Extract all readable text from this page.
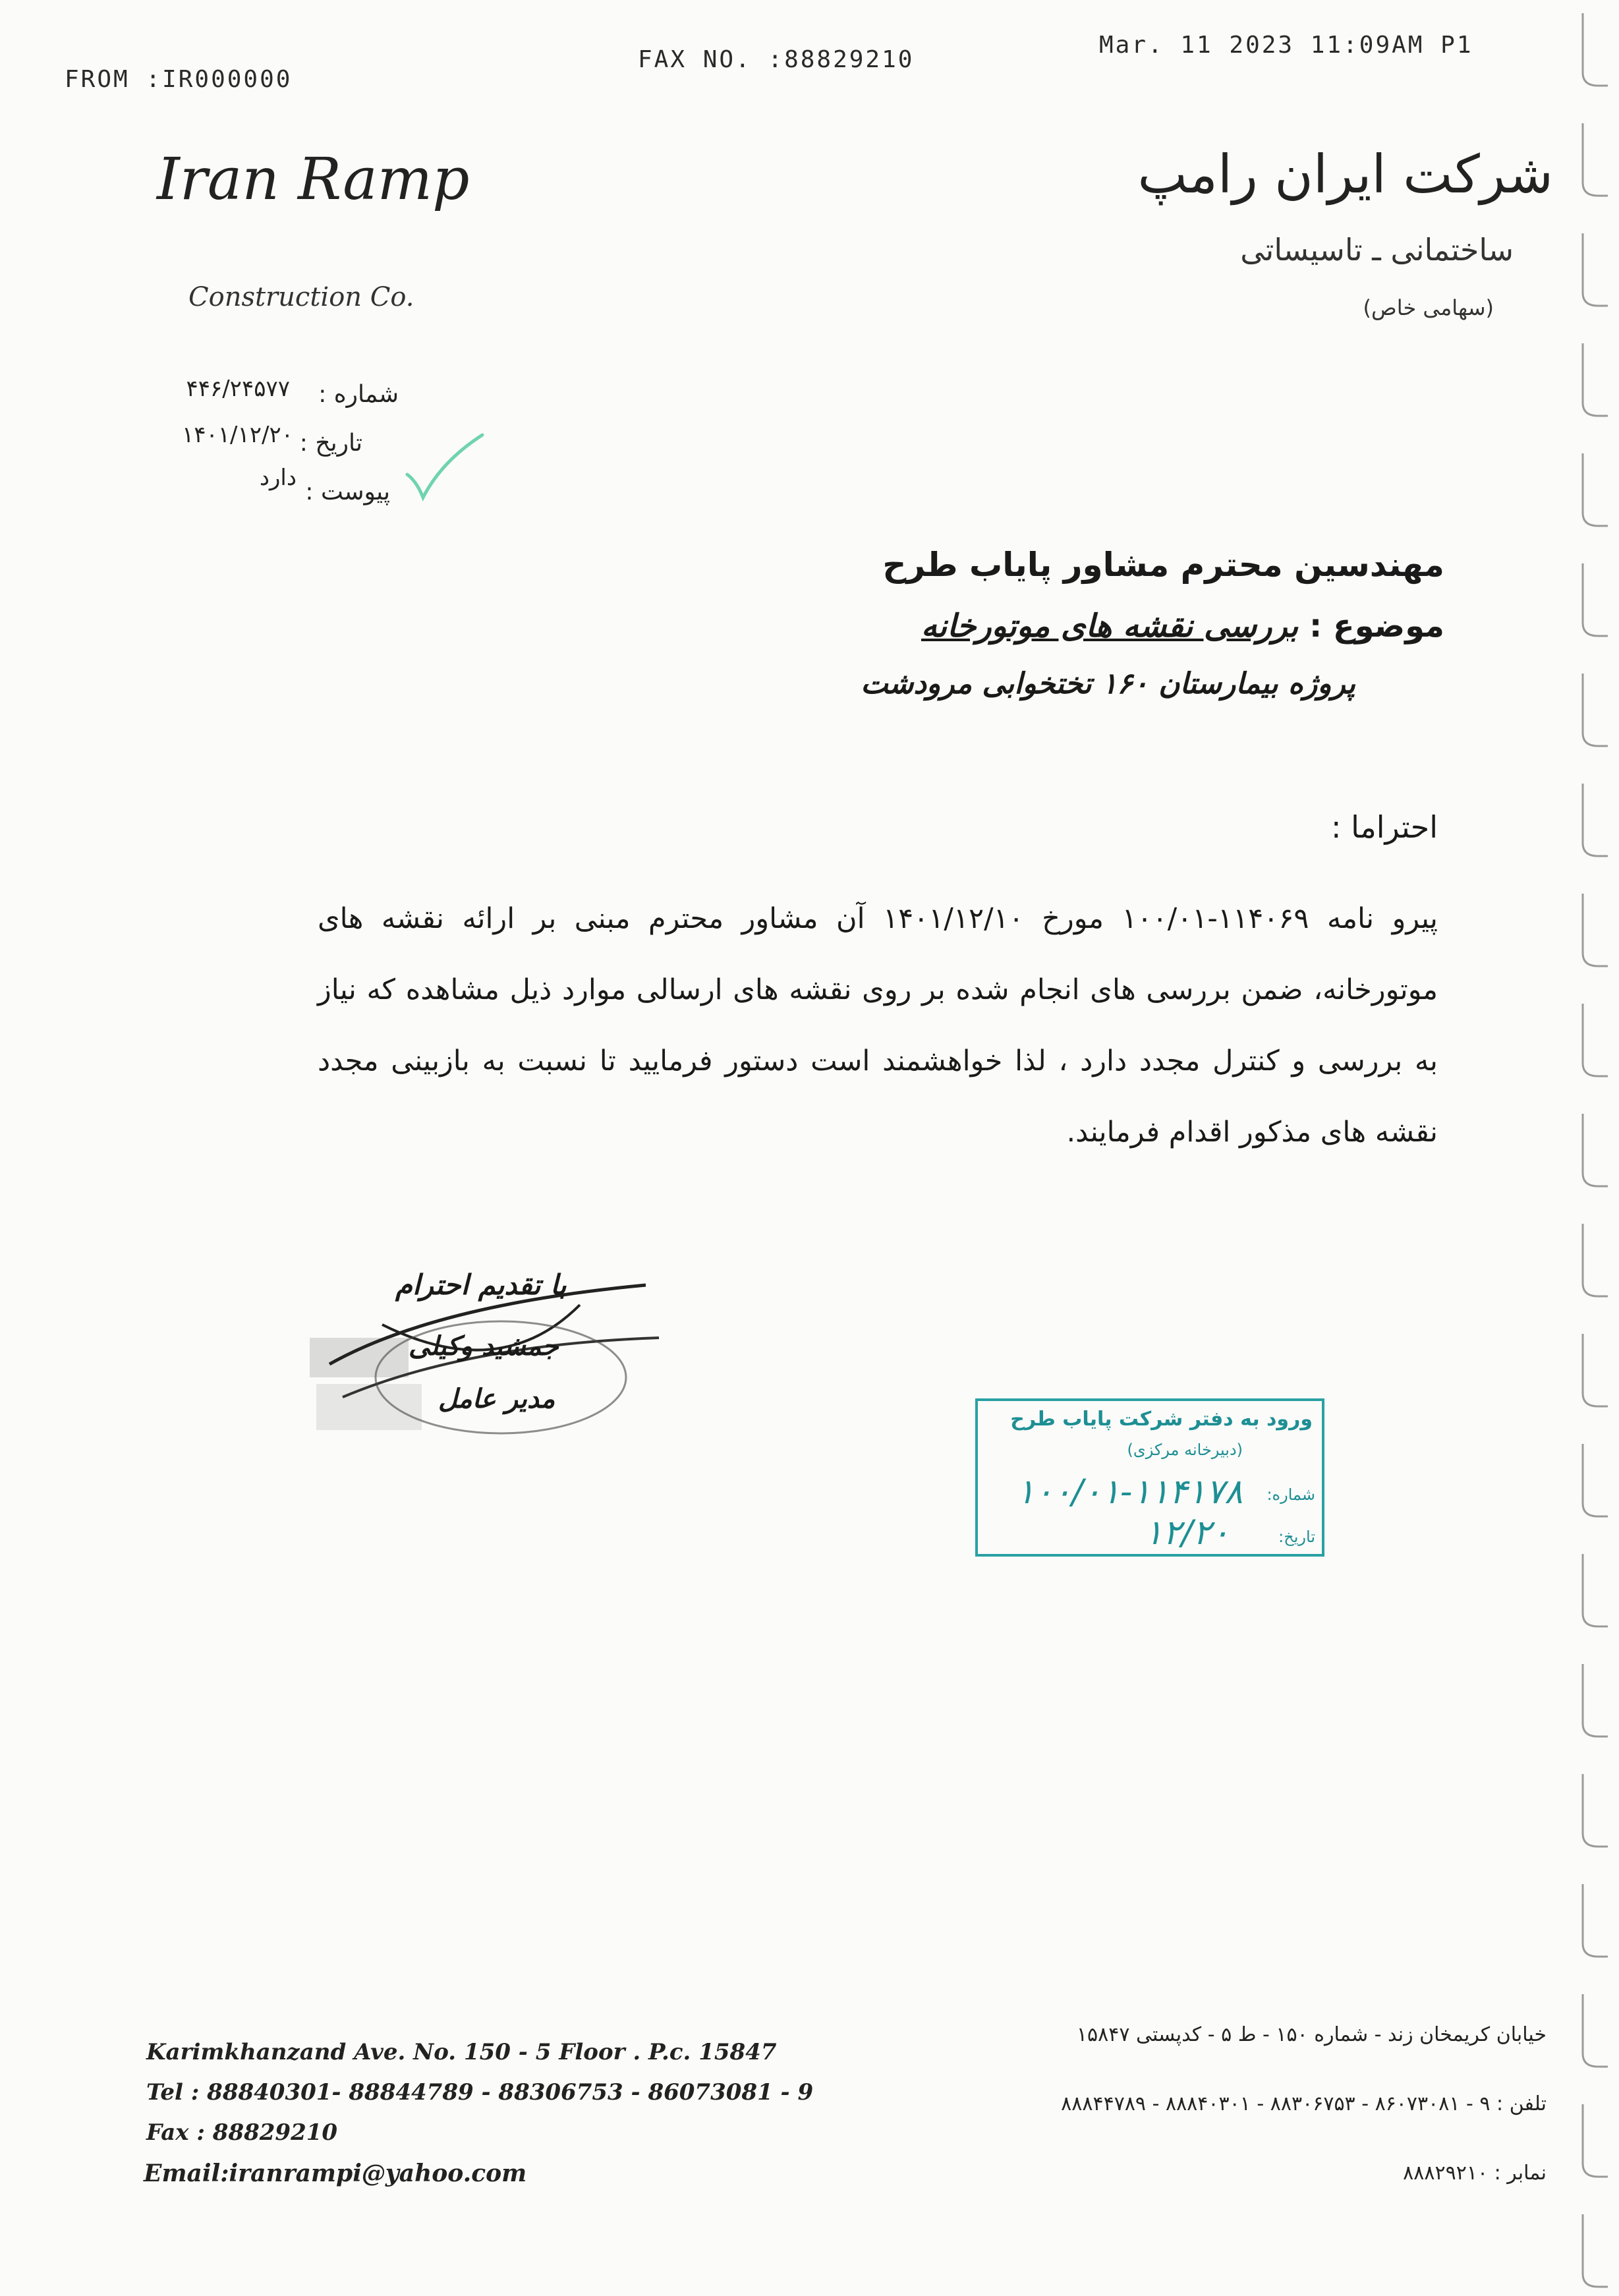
FROM :IR000000
FAX NO. :88829210
Mar. 11 2023 11:09AM P1
Iran Ramp
Construction Co.
شرکت ایران رامپ
ساختمانی ـ تاسیساتی
(سهامی خاص)
شماره :
۴۴۶/۲۴۵۷۷
تاریخ :
۱۴۰۱/۱۲/۲۰
پیوست :
دارد
مهندسین محترم مشاور پایاب طرح
موضوع : بررسی نقشه های موتورخانه
پروژه بیمارستان ۱۶۰ تختخوابی مرودشت
احتراما :
پیرو نامه ۱۱۴۰۶۹-۱۰۰/۰۱ مورخ ۱۴۰۱/۱۲/۱۰ آن مشاور محترم مبنی بر ارائه نقشه های موتورخانه، ضمن بررسی های انجام شده بر روی نقشه های ارسالی موارد ذیل مشاهده که نیاز به بررسی و کنترل مجدد دارد ، لذا خواهشمند است دستور فرمایید تا نسبت به بازبینی مجدد نقشه های مذکور اقدام فرمایند.
با تقدیم احترام
جمشید وکیلی
مدیر عامل
ورود به دفتر شرکت پایاب طرح
(دبیرخانه مرکزی)
شماره:
۱۰۰/۰۱-۱۱۴۱۷۸
تاریخ:
۱۲/۲۰
Karimkhanzand Ave. No. 150 - 5 Floor . P.c. 15847
Tel : 88840301- 88844789 - 88306753 - 86073081 - 9
Fax : 88829210
Email:iranrampi@yahoo.com
خیابان کریمخان زند - شماره ۱۵۰ - ط ۵ - کدپستی ۱۵۸۴۷
تلفن : ۹ - ۸۶۰۷۳۰۸۱ - ۸۸۳۰۶۷۵۳ - ۸۸۸۴۰۳۰۱ - ۸۸۸۴۴۷۸۹
نمابر : ۸۸۸۲۹۲۱۰
